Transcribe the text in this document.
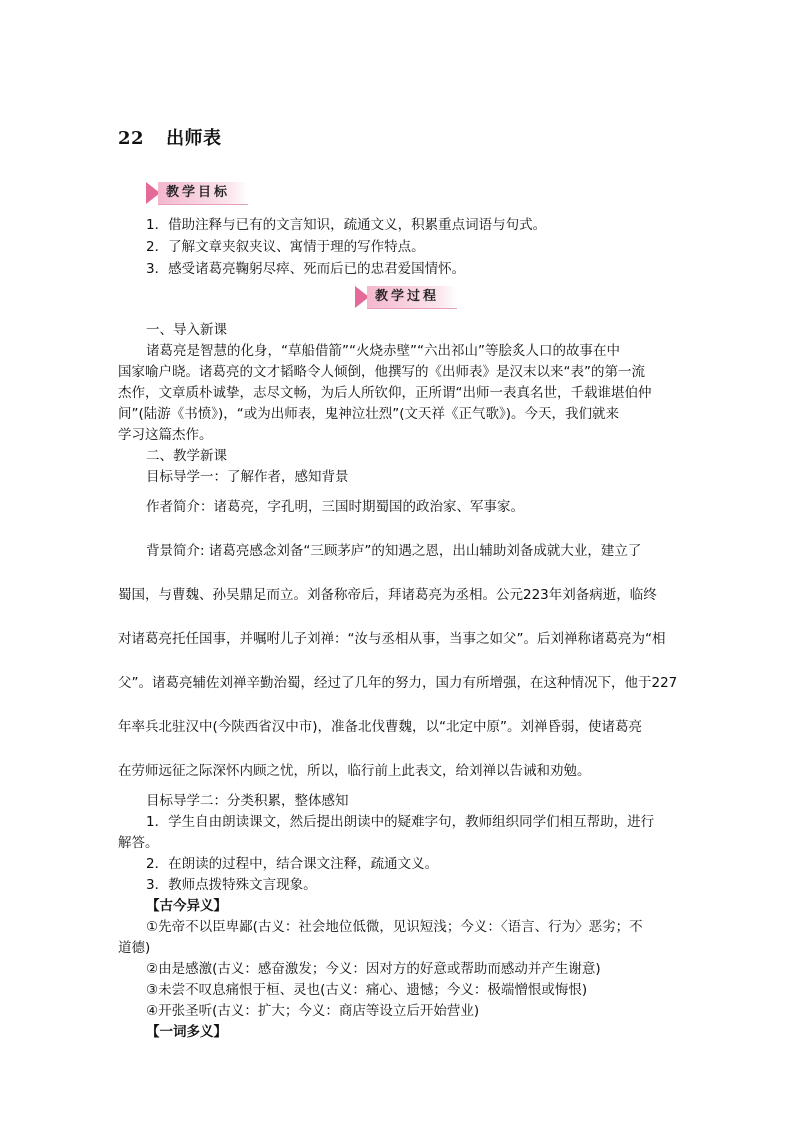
22 出师表
教学目标
1．借助注释与已有的文言知识，疏通文义，积累重点词语与句式。
2．了解文章夹叙夹议、寓情于理的写作特点。
3．感受诸葛亮鞠躬尽瘁、死而后已的忠君爱国情怀。
教学过程
一、导入新课
诸葛亮是智慧的化身，“草船借箭”“火烧赤壁”“六出祁山”等脍炙人口的故事在中
国家喻户晓。诸葛亮的文才韬略令人倾倒，他撰写的《出师表》是汉末以来“表”的第一流
杰作，文章质朴诚挚，志尽文畅，为后人所钦仰，正所谓“出师一表真名世，千载谁堪伯仲
间”(陆游《书愤》)，“或为出师表，鬼神泣壮烈”(文天祥《正气歌》)。今天，我们就来
学习这篇杰作。
二、教学新课
目标导学一：了解作者，感知背景
作者简介：诸葛亮，字孔明，三国时期蜀国的政治家、军事家。
背景简介: 诸葛亮感念刘备“三顾茅庐”的知遇之恩，出山辅助刘备成就大业，建立了
蜀国，与曹魏、孙吴鼎足而立。刘备称帝后，拜诸葛亮为丞相。公元223年刘备病逝，临终
对诸葛亮托任国事，并嘱咐儿子刘禅：“汝与丞相从事，当事之如父”。后刘禅称诸葛亮为“相
父”。诸葛亮辅佐刘禅辛勤治蜀，经过了几年的努力，国力有所增强，在这种情况下，他于227
年率兵北驻汉中(今陕西省汉中市)，准备北伐曹魏，以“北定中原”。刘禅昏弱，使诸葛亮
在劳师远征之际深怀内顾之忧，所以，临行前上此表文，给刘禅以告诫和劝勉。
目标导学二：分类积累，整体感知
1．学生自由朗读课文，然后提出朗读中的疑难字句，教师组织同学们相互帮助，进行
解答。
2．在朗读的过程中，结合课文注释，疏通文义。
3．教师点拨特殊文言现象。
【古今异义】
①先帝不以臣卑鄙(古义：社会地位低微，见识短浅；今义：〈语言、行为〉恶劣；不
道德)
②由是感激(古义：感奋激发；今义：因对方的好意或帮助而感动并产生谢意)
③未尝不叹息痛恨于桓、灵也(古义：痛心、遗憾；今义：极端憎恨或悔恨)
④开张圣听(古义：扩大；今义：商店等设立后开始营业)
【一词多义】
